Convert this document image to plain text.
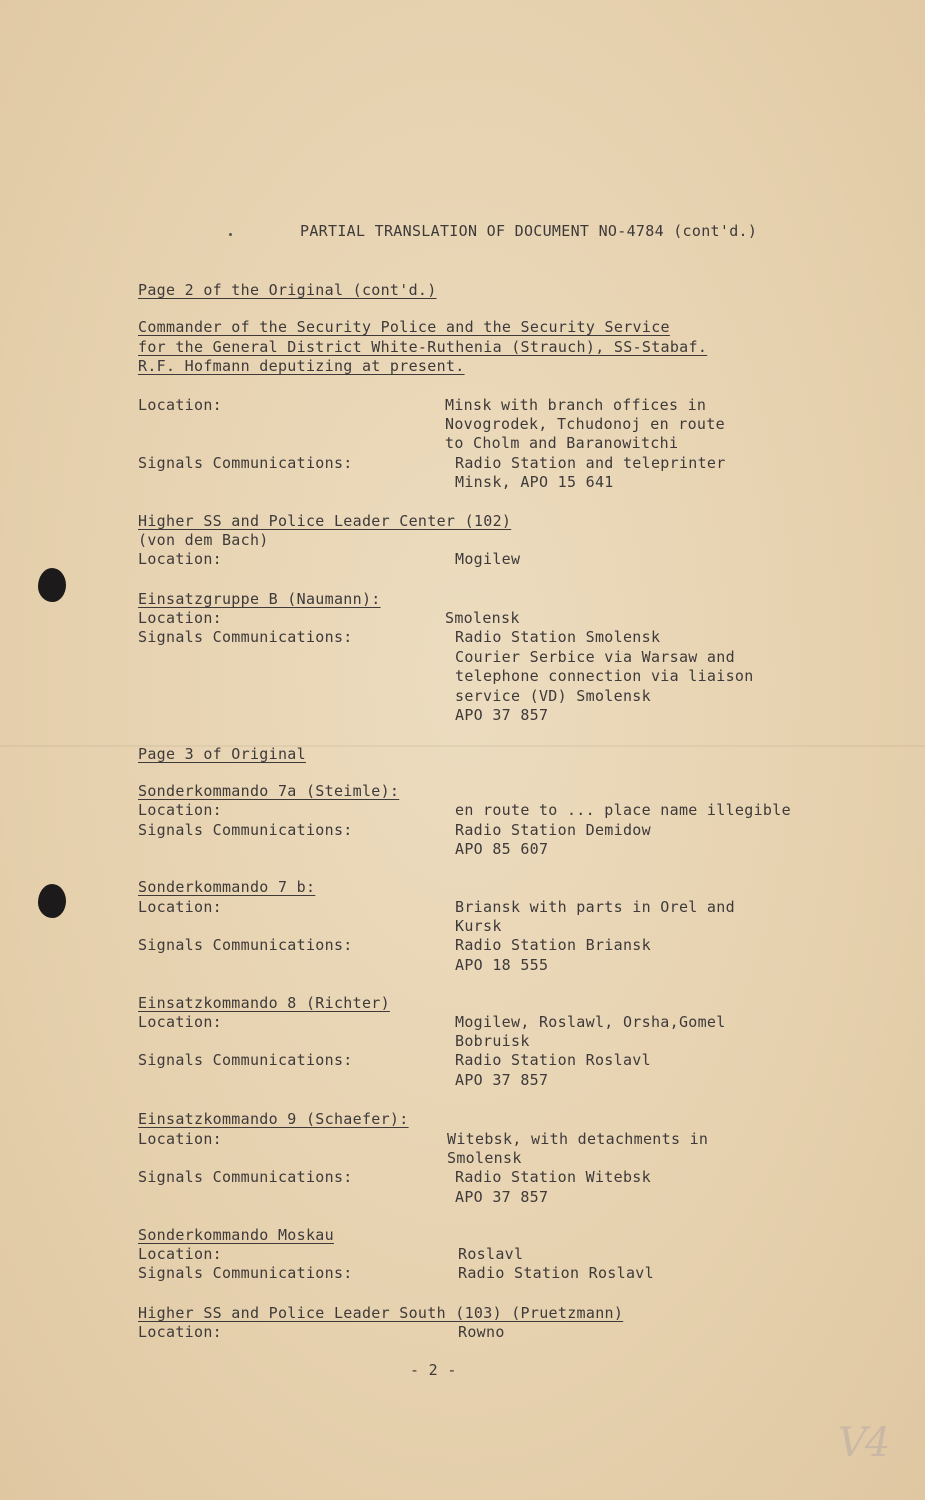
PARTIAL TRANSLATION OF DOCUMENT NO-4784 (cont'd.)
Page 2 of the Original (cont'd.)
Commander of the Security Police and the Security Service
for the General District White-Ruthenia (Strauch), SS-Stabaf.
R.F. Hofmann deputizing at present.
Location:	Minsk with branch offices in
Novogrodek, Tchudonoj en route
to Cholm and Baranowitchi
Signals Communications:	Radio Station and teleprinter
Minsk, APO 15 641
Higher SS and Police Leader Center (102)
(von dem Bach)
Location:	Mogilew
Einsatzgruppe B (Naumann):
Location:	Smolensk
Signals Communications:	Radio Station Smolensk
Courier Serbice via Warsaw and
telephone connection via liaison
service (VD) Smolensk
APO 37 857
Page 3 of Original
Sonderkommando 7a (Steimle):
Location:	en route to ... place name illegible
Signals Communications:	Radio Station Demidow
APO 85 607
Sonderkommando 7 b:
Location:	Briansk with parts in Orel and
Kursk
Signals Communications:	Radio Station Briansk
APO 18 555
Einsatzkommando 8 (Richter)
Location:	Mogilew, Roslawl, Orsha,Gomel
Bobruisk
Signals Communications:	Radio Station Roslavl
APO 37 857
Einsatzkommando 9 (Schaefer):
Location:	Witebsk, with detachments in
Smolensk
Signals Communications:	Radio Station Witebsk
APO 37 857
Sonderkommando Moskau
Location:	Roslavl
Signals Communications:	Radio Station Roslavl
Higher SS and Police Leader South (103) (Pruetzmann)
Location:	Rowno
- 2 -
V4
